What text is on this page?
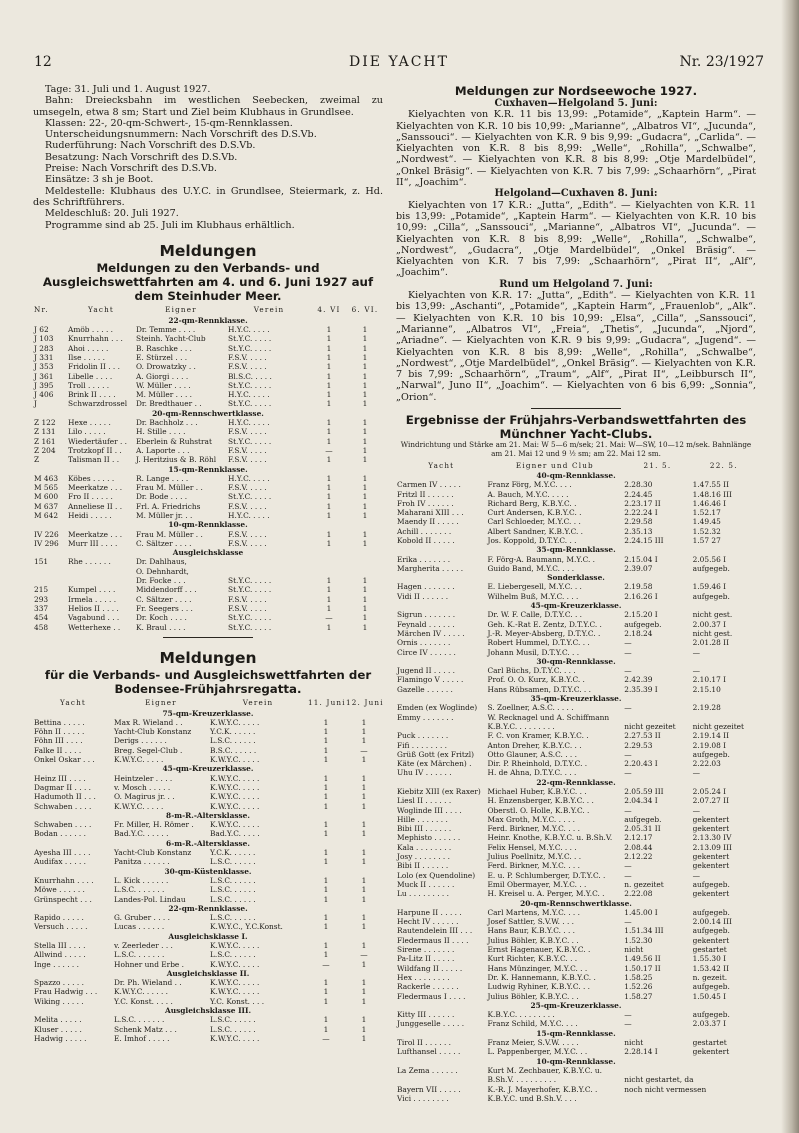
12	DIE YACHT	Nr. 23/1927

Tage: 31. Juli und 1. August 1927.

Bahn: Dreiecksbahn im westlichen Seebecken, zweimal zu umsegeln, etwa 8 sm; Start und Ziel beim Klubhaus in Grundlsee.

Klassen: 22-, 20-qm-Schwert-, 15-qm-Rennklassen.

Unterscheidungsnummern: Nach Vorschrift des D.S.Vb.

Ruderführung: Nach Vorschrift des D.S.Vb.

Besatzung: Nach Vorschrift des D.S.Vb.

Preise: Nach Vorschrift des D.S.Vb.

Einsätze: 3 sh je Boot.

Meldestelle: Klubhaus des U.Y.C. in Grundlsee, Steiermark, z. Hd. des Schriftführers.

Meldeschluß: 20. Juli 1927.

Programme sind ab 25. Juli im Klubhaus erhältlich.

Meldungen
Meldungen zu den Verbands- und Ausgleichswettfahrten am 4. und 6. Juni 1927 auf dem Steinhuder Meer.
Nr.	Yacht	Eigner	Verein	4. VI	6. VI.
22-qm-Rennklasse.					
J 62	Amöb . . . . .	Dr. Temme . . . .	H.Y.C. . . . .	1	1
J 103	Knurrhahn . . .	Steinh. Yacht-Club	St.Y.C. . . . .	1	1
J 283	Ahoi . . . . .	B. Raschke . . .	St.Y.C. . . . .	1	1
J 331	Ilse . . . . .	E. Stürzel . . .	F.S.V. . . . .	1	1
J 353	Fridolin II . . .	O. Drowatzky . .	F.S.V. . . . .	1	1
J 361	Libelle . . . .	A. Giorgi . . . .	Bl.S.C. . . . .	1	1
J 395	Troll . . . . .	W. Müller . . . .	St.Y.C. . . . .	1	1
J 406	Brink II . . . .	M. Müller . . . .	H.Y.C. . . . .	1	1
J	Schwarzdrossel	Dr. Bredthauer . .	St.Y.C. . . . .	1	1
20-qm-Rennschwertklasse.					
Z 122	Hexe . . . . .	Dr. Bachholz . . .	H.Y.C. . . . .	1	1
Z 131	Lilo . . . . .	H. Stille . . . .	F.S.V. . . . .	1	1
Z 161	Wiedertäufer . .	Eberlein & Ruhstrat	St.Y.C. . . . .	1	1
Z 204	Trotzkopf II . .	A. Laporte . . .	F.S.V. . . . .	—	1
Z	Talisman II . .	J. Heritzius & B. Röhl	F.S.V. . . . .	1	1
15-qm-Rennklasse.					
M 463	Köbes . . . . .	R. Lange . . . .	H.Y.C. . . . .	1	1
M 565	Meerkatze . . .	Frau M. Müller . .	F.S.V. . . . .	1	1
M 600	Fro II . . . . .	Dr. Bode . . . .	St.Y.C. . . . .	1	1
M 637	Anneliese II . .	Frl. A. Friedrichs	F.S.V. . . . .	1	1
M 642	Heidi . . . . .	M. Müller jr. . .	H.Y.C. . . . .	1	1
10-qm-Rennklasse.					
IV 226	Meerkatze . . .	Frau M. Müller . .	F.S.V. . . . .	1	1
IV 296	Murr III . . . .	C. Sältzer . . . .	F.S.V. . . . .	1	1
Ausgleichsklasse					
151	Rhe . . . . . .	Dr. Dahlhaus,			
		O. Dehnhardt,			
		Dr. Focke . . .	St.Y.C. . . . .	1	1
215	Kumpel . . . .	Middendorff . . .	St.Y.C. . . . .	1	1
293	Irmela . . . . .	C. Sältzer . . . .	F.S.V. . . . .	1	1
337	Helios II . . . .	Fr. Seegers . . .	F.S.V. . . . .	1	1
454	Vagabund . . .	Dr. Koch . . . .	St.Y.C. . . . .	—	1
458	Wetterhexe . .	K. Braul . . . .	St.Y.C. . . . .	1	1
Meldungen
für die Verbands- und Ausgleichswettfahrten der Bodensee-Frühjahrsregatta.
Yacht	Eigner	Verein	11. Juni	12. Juni
75-qm-Kreuzerklasse.				
Bettina . . . . .	Max R. Wieland . .	K.W.Y.C. . . . .	1	1
Föhn II . . . . .	Yacht-Club Konstanz	Y.C.K. . . . . .	1	1
Föhn III . . . .	Derigs . . . . . .	L.S.C. . . . . .	1	1
Falke II . . . .	Breg. Segel-Club .	B.S.C. . . . . .	1	—
Onkel Oskar . . .	K.W.Y.C. . . . .	K.W.Y.C. . . . .	1	1
45-qm-Kreuzerklasse.				
Heinz III . . . .	Heintzeler . . . .	K.W.Y.C. . . . .	1	1
Dagmar II . . . .	v. Mosch . . . . .	K.W.Y.C. . . . .	1	1
Hadumoth II . . .	O. Magirus jr. . .	K.W.Y.C. . . . .	1	1
Schwaben . . . .	K.W.Y.C. . . . .	K.W.Y.C. . . . .	1	1
8-m-R.-Altersklasse.				
Schwaben . . . .	Fr. Miller, H. Römer .	K.W.Y.C. . . . .	1	1
Bodan . . . . . .	Bad.Y.C. . . . . .	Bad.Y.C. . . . .	1	1
6-m-R.-Altersklasse.				
Ayesha III . . . .	Yacht-Club Konstanz	Y.C.K. . . . . .	1	1
Audifax . . . . .	Panitza . . . . . .	L.S.C. . . . . .	1	1
30-qm-Küstenklasse.				
Knurrhahn . . . .	L. Kick . . . . . .	L.S.C. . . . . .	1	1
Möwe . . . . . .	L.S.C. . . . . . .	L.S.C. . . . . .	1	1
Grünspecht . . .	Landes-Pol. Lindau	L.S.C. . . . . .	1	1
22-qm-Rennklasse.				
Rapido . . . . .	G. Gruber . . . .	L.S.C. . . . . .	1	1
Versuch . . . . .	Lucas . . . . . .	K.W.Y.C., Y.C.Konst.	1	1
Ausgleichsklasse I.				
Stella III . . . .	v. Zeerleder . . .	K.W.Y.C. . . . .	1	1
Allwind . . . . .	L.S.C. . . . . . .	L.S.C. . . . . .	1	—
Inge . . . . . .	Hohner und Erbe .	K.W.Y.C. . . . .	—	1
Ausgleichsklasse II.				
Spazzo . . . . .	Dr. Ph. Wieland . .	K.W.Y.C. . . . .	1	1
Frau Hadwig . . .	K.W.Y.C. . . . . .	K.W.Y.C. . . . .	1	1
Wiking . . . . .	Y.C. Konst. . . . .	Y.C. Konst. . . .	1	1
Ausgleichsklasse III.				
Melita . . . . .	L.S.C. . . . . . .	L.S.C. . . . . .	1	1
Kluser . . . . .	Schenk Matz . . .	L.S.C. . . . . .	1	1
Hadwig . . . . .	E. Imhof . . . . .	K.W.Y.C. . . . .	—	1
Meldungen zur Nordseewoche 1927.
Cuxhaven—Helgoland 5. Juni:

Kielyachten von K.R. 11 bis 13,99: „Potamide“, „Kaptein Harm“. — Kielyachten von K.R. 10 bis 10,99: „Marianne“, „Albatros VI“, „Jucunda“, „Sanssouci“. — Kielyachten von K.R. 9 bis 9,99: „Gudacra“, „Carlida“. — Kielyachten von K.R. 8 bis 8,99: „Welle“, „Rohilla“, „Schwalbe“, „Nordwest“. — Kielyachten von K.R. 8 bis 8,99: „Otje Mardelbüdel“, „Onkel Bräsig“. — Kielyachten von K.R. 7 bis 7,99: „Schaarhörn“, „Pirat II“, „Joachim“.

Helgoland—Cuxhaven 8. Juni:

Kielyachten von 17 K.R.: „Jutta“, „Edith“. — Kielyachten von K.R. 11 bis 13,99: „Potamide“, „Kaptein Harm“. — Kielyachten von K.R. 10 bis 10,99: „Cilla“, „Sanssouci“, „Marianne“, „Albatros VI“, „Jucunda“. — Kielyachten von K.R. 8 bis 8,99: „Welle“, „Rohilla“, „Schwalbe“, „Nordwest“, „Gudacra“, „Otje Mardelbüdel“, „Onkel Bräsig“. — Kielyachten von K.R. 7 bis 7,99: „Schaarhörn“, „Pirat II“, „Alf“, „Joachim“.

Rund um Helgoland 7. Juni:

Kielyachten von K.R. 17: „Jutta“, „Edith“. — Kielyachten von K.R. 11 bis 13,99: „Aschanti“, „Potamide“, „Kaptein Harm“, „Frauenlob“, „Alk“. — Kielyachten von K.R. 10 bis 10,99: „Elsa“, „Cilla“, „Sanssouci“, „Marianne“, „Albatros VI“, „Freia“, „Thetis“, „Jucunda“, „Njord“, „Ariadne“. — Kielyachten von K.R. 9 bis 9,99: „Gudacra“, „Jugend“. — Kielyachten von K.R. 8 bis 8,99: „Welle“, „Rohilla“, „Schwalbe“, „Nordwest“, „Otje Mardelbüdel“, „Onkel Bräsig“. — Kielyachten von K.R. 7 bis 7,99: „Schaarhörn“, „Traum“, „Alf“, „Pirat II“, „Leibbursch II“, „Narwal“, Juno II“, „Joachim“. — Kielyachten von 6 bis 6,99: „Sonnia“, „Orion“.

Ergebnisse der Frühjahrs-Verbandswettfahrten des Münchner Yacht-Clubs.
Windrichtung und Stärke am 21. Mai: W 5—6 m/sek; 21. Mai: W—SW, 10—12 m/sek. Bahnlänge am 21. Mai 12 und 9 ½ sm; am 22. Mai 12 sm.
Yacht	Eigner und Club	21. 5.	22. 5.
40-qm-Rennklasse.			
Carmen IV . . . . .	Franz Förg, M.Y.C. . . .	2.28.30	1.47.55 II
Fritzl II . . . . . .	A. Bauch, M.Y.C. . . . .	2.24.45	1.48.16 III
Froh IV . . . . . .	Richard Berg, K.B.Y.C. .	2.23.17 II	1.46.46 I
Maharani XIII . . .	Curt Andersen, K.B.Y.C. .	2.22.24 I	1.52.17
Maendy II . . . . .	Carl Schloeder, M.Y.C. . .	2.29.58	1.49.45
Achill . . . . . . .	Albert Sandner, K.B.Y.C. .	2.35.13	1.52.32
Kobold II . . . . .	Jos. Koppold, D.T.Y.C. . .	2.24.15 III	1.57 27
35-qm-Rennklasse.			
Erika . . . . . . .	F. Förg-A. Baumann, M.Y.C. .	2.15.04 I	2.05.56 I
Margherita . . . . .	Guido Band, M.Y.C. . . .	2.39.07	aufgegeb.
Sonderklasse.			
Hagen . . . . . . .	E. Liebergesell, M.Y.C. . .	2.19.58	1.59.46 I
Vidi II . . . . . .	Wilhelm Buß, M.Y.C. . . .	2.16.26 I	aufgegeb.
45-qm-Kreuzerklasse.			
Sigrun . . . . . . .	Dr. W. F. Calle, D.T.Y.C. . .	2.15.20 I	nicht gest.
Feynald . . . . . .	Geh. K.-Rat E. Zentz, D.T.Y.C. .	aufgegeb.	2.00.37 I
Märchen IV . . . . .	J.-R. Meyer-Absberg, D.T.Y.C. .	2.18.24	nicht gest.
Ornis . . . . . . .	Robert Hummel, D.T.Y.C. . .	—	2.01.28 II
Circe IV . . . . . .	Johann Musil, D.T.Y.C. . .	—	—
30-qm-Rennklasse.			
Jugend II . . . . .	Carl Büchs, D.T.Y.C. . . .	—	—
Flamingo V . . . . .	Prof. O. O. Kurz, K.B.Y.C. .	2.42.39	2.10.17 I
Gazelle . . . . . .	Hans Rübsamen, D.T.Y.C. . .	2.35.39 I	2.15.10
35-qm-Kreuzerklasse.			
Emden (ex Woglinde)	S. Zoellner, A.S.C. . . . .	—	2.19.28
Emmy . . . . . . .	W. Recknagel und A. Schiffmann		
	K.B.Y.C. . . . . . . . .	nicht gezeitet	nicht gezeitet
Puck . . . . . . .	F. C. von Kramer, K.B.Y.C. .	2.27.53 II	2.19.14 II
Fifi . . . . . . . .	Anton Dreher, K.B.Y.C. . .	2.29.53	2.19.08 I
Grüß Gott (ex Fritzl)	Otto Glauner, A.S.C. . . .	—	aufgegeb.
Käte (ex Märchen) .	Dir. P. Rheinhold, D.T.Y.C. .	2.20.43 I	2.22.03
Uhu IV . . . . . .	H. de Ahna, D.T.Y.C. . . .	—	—
22-qm-Rennklasse.			
Kiebitz XIII (ex Raxer)	Michael Huber, K.B.Y.C. . .	2.05.59 III	2.05.24 I
Liesl II . . . . . .	H. Enzensberger, K.B.Y.C. . .	2.04.34 I	2.07.27 II
Woglinde III . . . .	Oberstl. O. Holle, K.B.Y.C. .	—	—
Hille . . . . . . .	Max Groth, M.Y.C. . . . .	aufgegeb.	gekentert
Bibi III . . . . . .	Ferd. Birkner, M.Y.C. . . .	2.05.31 II	gekentert
Mephisto . . . . . .	Heinr. Knothe, K.B.Y.C. u. B.Sh.V.	2.12.17	2.13.30 IV
Kala . . . . . . . .	Felix Hensel, M.Y.C. . . .	2.08.44	2.13.09 III
Josy . . . . . . . .	Julius Poellnitz, M.Y.C. . .	2.12.22	gekentert
Bibi II . . . . . .	Ferd. Birkner, M.Y.C. . . .	—	gekentert
Lolo (ex Quendoline)	E. u. P. Schlumberger, D.T.Y.C. .	—	—
Muck II . . . . . .	Emil Obermayer, M.Y.C. . .	n. gezeitet	aufgegeb.
Lu . . . . . . . . .	H. Kreisel u. A. Perger, M.Y.C. .	2.22.08	gekentert
20-qm-Rennschwertklasse.			
Harpune II . . . . .	Carl Martens, M.Y.C. . . .	1.45.00 I	aufgegeb.
Hecht IV . . . . . .	Josef Sattler, S.V.W. . . .	—	2.00.14 III
Rautendelein III . . .	Hans Baur, K.B.Y.C. . . .	1.51.34 III	aufgegeb.
Fledermaus II . . . .	Julius Böhler, K.B.Y.C. . .	1.52.30	gekentert
Sirene . . . . . . .	Ernst Hagenauer, K.B.Y.C. .	nicht	gestartet
Pa-Litz II . . . . .	Kurt Richter, K.B.Y.C. . .	1.49.56 II	1.55.30 I
Wildfang II . . . . .	Hans Münzinger, M.Y.C. . .	1.50.17 II	1.53.42 II
Hex . . . . . . . .	Dr. K. Hannemann, K.B.Y.C. .	1.58.25	n. gezeit.
Rackerle . . . . . .	Ludwig Ryhiner, K.B.Y.C. . .	1.52.26	aufgegeb.
Fledermaus I . . . .	Julius Böhler, K.B.Y.C. . .	1.58.27	1.50.45 I
25-qm-Kreuzerklasse.			
Kitty III . . . . . .	K.B.Y.C. . . . . . . . .	—	aufgegeb.
Junggeselle . . . . .	Franz Schild, M.Y.C. . . .	—	2.03.37 I
15-qm-Rennklasse.			
Tirol II . . . . . .	Franz Meier, S.V.W. . . . .	nicht	gestartet
Lufthansel . . . . .	L. Pappenberger, M.Y.C. . .	2.28.14 I	gekentert
10-qm-Rennklasse.			
La Zema . . . . . .	Kurt M. Zechbauer, K.B.Y.C. u.		
	B.Sh.V. . . . . . . . . .	nicht gestartet, da	
Bayern VII . . . . .	K.-R. J. Mayerhofer, K.B.Y.C. .	noch nicht vermessen	
Vici . . . . . . . .	K.B.Y.C. und B.Sh.V. . . .		
